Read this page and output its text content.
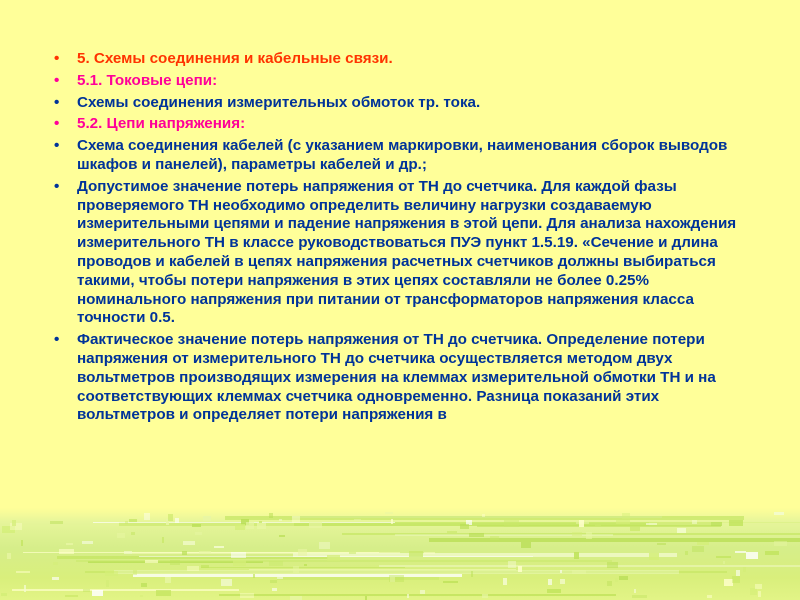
• 5. Схемы соединения и кабельные связи.
• 5.1. Токовые цепи:
• Схемы соединения измерительных обмоток тр. тока.
• 5.2. Цепи напряжения:
• Схема соединения кабелей (с указанием маркировки, наименования сборок выводов шкафов и панелей), параметры кабелей и др.;
• Допустимое значение потерь напряжения от ТН до счетчика. Для каждой фазы проверяемого ТН необходимо определить величину нагрузки создаваемую измерительными цепями и падение напряжения в этой цепи. Для анализа нахождения измерительного ТН в классе руководствоваться ПУЭ пункт 1.5.19. «Сечение и длина проводов и кабелей в цепях напряжения расчетных счетчиков должны выбираться такими, чтобы потери напряжения в этих цепях составляли не более 0.25% номинального напряжения при питании от трансформаторов напряжения класса точности 0.5.
• Фактическое значение потерь напряжения от ТН до счетчика. Определение потери напряжения от измерительного ТН до счетчика осуществляется методом двух вольтметров производящих измерения на клеммах измерительной обмотки ТН и на соответствующих клеммах счетчика одновременно. Разница показаний этих вольтметров и определяет потери напряжения в
